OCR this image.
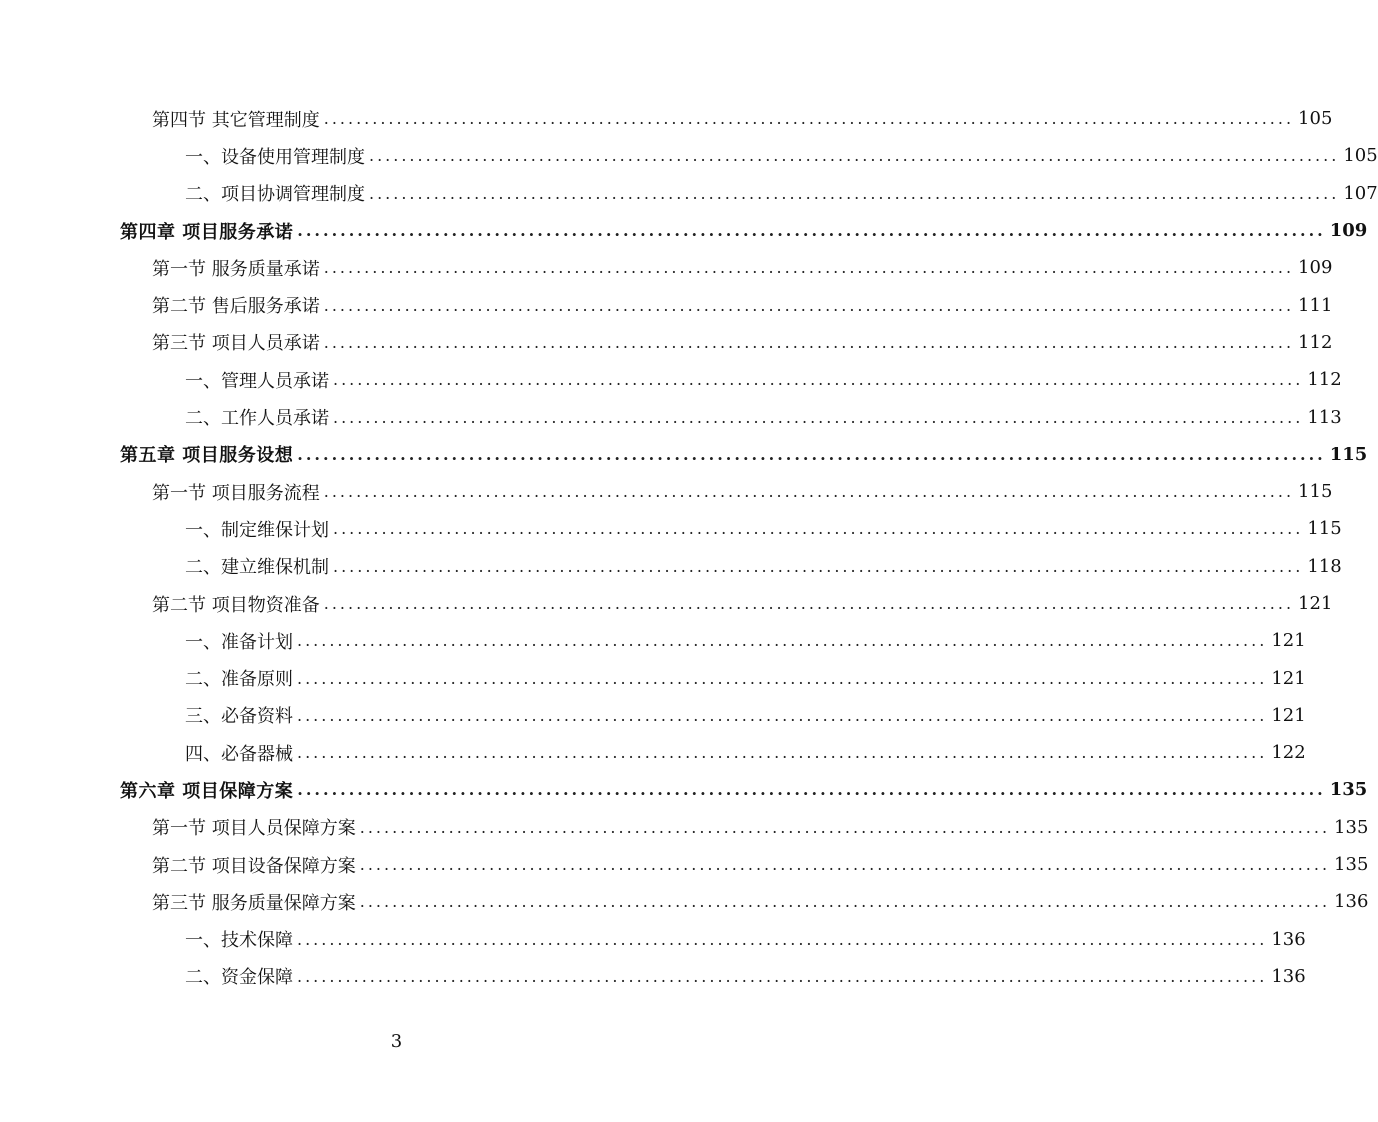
第四节 其它管理制度 ........................................................................................................................ 105
一、设备使用管理制度 ........................................................................................................................ 105
二、项目协调管理制度 ........................................................................................................................ 107
第四章 项目服务承诺 ........................................................................................................................ 109
第一节 服务质量承诺 ........................................................................................................................ 109
第二节 售后服务承诺 ........................................................................................................................ 111
第三节 项目人员承诺 ........................................................................................................................ 112
一、管理人员承诺 ........................................................................................................................ 112
二、工作人员承诺 ........................................................................................................................ 113
第五章 项目服务设想 ........................................................................................................................ 115
第一节 项目服务流程 ........................................................................................................................ 115
一、制定维保计划 ........................................................................................................................ 115
二、建立维保机制 ........................................................................................................................ 118
第二节 项目物资准备 ........................................................................................................................ 121
一、准备计划 ........................................................................................................................ 121
二、准备原则 ........................................................................................................................ 121
三、必备资料 ........................................................................................................................ 121
四、必备器械 ........................................................................................................................ 122
第六章 项目保障方案 ........................................................................................................................ 135
第一节 项目人员保障方案 ........................................................................................................................ 135
第二节 项目设备保障方案 ........................................................................................................................ 135
第三节 服务质量保障方案 ........................................................................................................................ 136
一、技术保障 ........................................................................................................................ 136
二、资金保障 ........................................................................................................................ 136
3
